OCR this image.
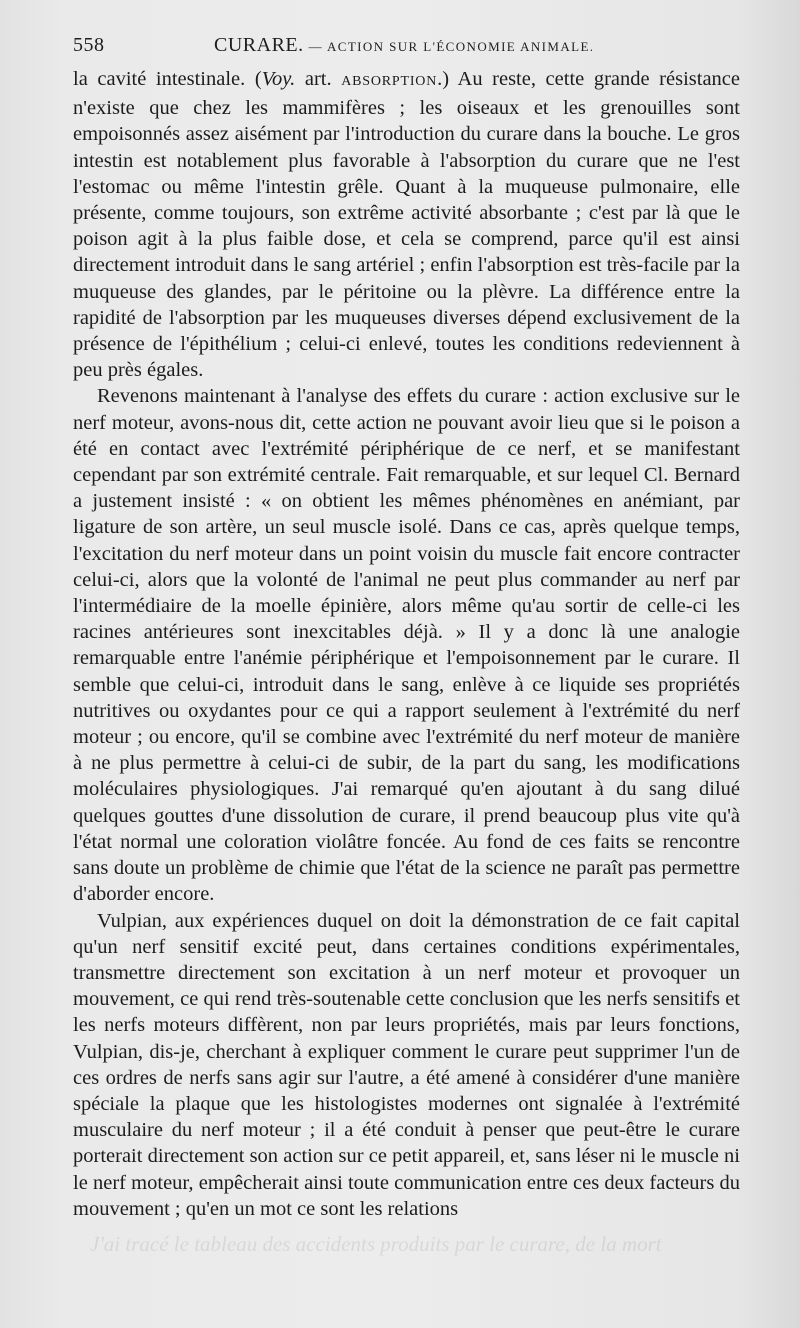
558	CURARE. — ACTION SUR L'ÉCONOMIE ANIMALE.

la cavité intestinale. (Voy. art. ABSORPTION.) Au reste, cette grande résistance n'existe que chez les mammifères ; les oiseaux et les grenouilles sont empoisonnés assez aisément par l'introduction du curare dans la bouche. Le gros intestin est notablement plus favorable à l'absorption du curare que ne l'est l'estomac ou même l'intestin grêle. Quant à la muqueuse pulmonaire, elle présente, comme toujours, son extrême activité absorbante ; c'est par là que le poison agit à la plus faible dose, et cela se comprend, parce qu'il est ainsi directement introduit dans le sang artériel ; enfin l'absorption est très-facile par la muqueuse des glandes, par le péritoine ou la plèvre. La différence entre la rapidité de l'absorption par les muqueuses diverses dépend exclusivement de la présence de l'épithélium ; celui-ci enlevé, toutes les conditions redeviennent à peu près égales.

Revenons maintenant à l'analyse des effets du curare : action exclusive sur le nerf moteur, avons-nous dit, cette action ne pouvant avoir lieu que si le poison a été en contact avec l'extrémité périphérique de ce nerf, et se manifestant cependant par son extrémité centrale. Fait remarquable, et sur lequel Cl. Bernard a justement insisté : « on obtient les mêmes phénomènes en anémiant, par ligature de son artère, un seul muscle isolé. Dans ce cas, après quelque temps, l'excitation du nerf moteur dans un point voisin du muscle fait encore contracter celui-ci, alors que la volonté de l'animal ne peut plus commander au nerf par l'intermédiaire de la moelle épinière, alors même qu'au sortir de celle-ci les racines antérieures sont inexcitables déjà. » Il y a donc là une analogie remarquable entre l'anémie périphérique et l'empoisonnement par le curare. Il semble que celui-ci, introduit dans le sang, enlève à ce liquide ses propriétés nutritives ou oxydantes pour ce qui a rapport seulement à l'extrémité du nerf moteur ; ou encore, qu'il se combine avec l'extrémité du nerf moteur de manière à ne plus permettre à celui-ci de subir, de la part du sang, les modifications moléculaires physiologiques. J'ai remarqué qu'en ajoutant à du sang dilué quelques gouttes d'une dissolution de curare, il prend beaucoup plus vite qu'à l'état normal une coloration violâtre foncée. Au fond de ces faits se rencontre sans doute un problème de chimie que l'état de la science ne paraît pas permettre d'aborder encore.

Vulpian, aux expériences duquel on doit la démonstration de ce fait capital qu'un nerf sensitif excité peut, dans certaines conditions expérimentales, transmettre directement son excitation à un nerf moteur et provoquer un mouvement, ce qui rend très-soutenable cette conclusion que les nerfs sensitifs et les nerfs moteurs diffèrent, non par leurs propriétés, mais par leurs fonctions, Vulpian, dis-je, cherchant à expliquer comment le curare peut supprimer l'un de ces ordres de nerfs sans agir sur l'autre, a été amené à considérer d'une manière spéciale la plaque que les histologistes modernes ont signalée à l'extrémité musculaire du nerf moteur ; il a été conduit à penser que peut-être le curare porterait directement son action sur ce petit appareil, et, sans léser ni le muscle ni le nerf moteur, empêcherait ainsi toute communication entre ces deux facteurs du mouvement ; qu'en un mot ce sont les relations

J'ai tracé le tableau des accidents produits par le curare, de la mort
